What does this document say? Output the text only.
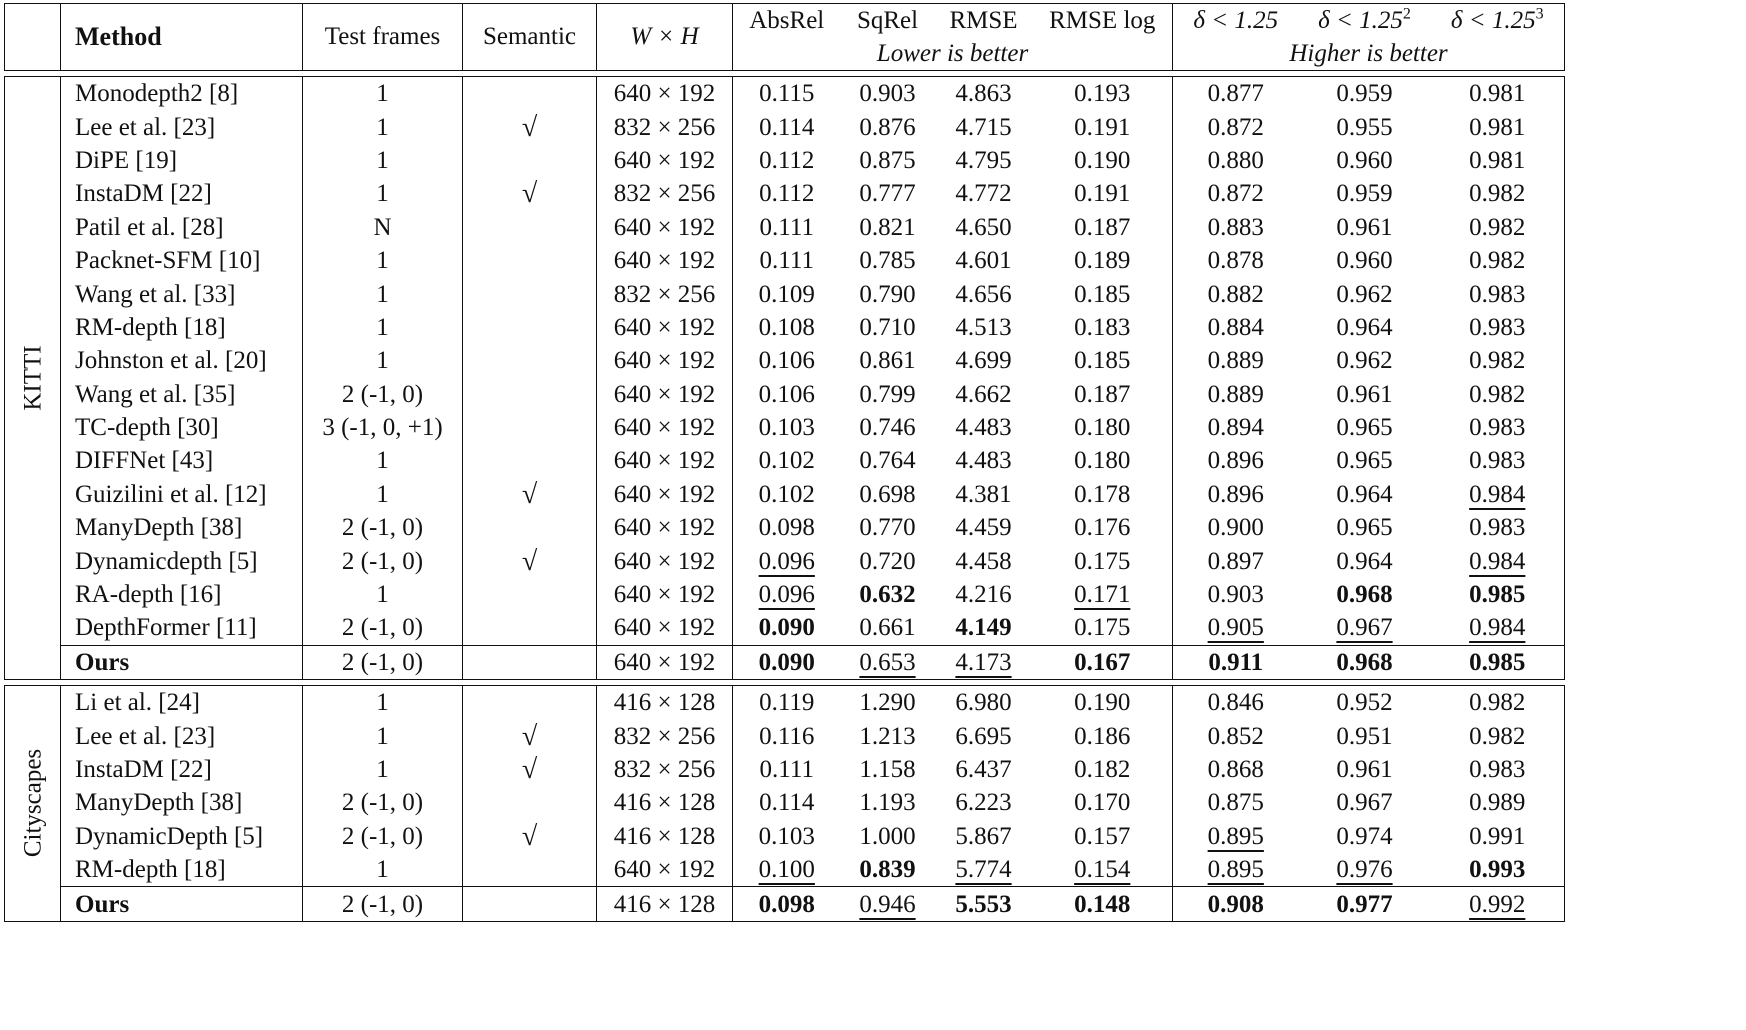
	Method	Test frames	Semantic	W × H	AbsRel	SqRel	RMSE	RMSE log	δ < 1.25	$\delta < 1.25^2$	$\delta < 1.25^3$
					Lower is better				Higher is better		
KITTI	Monodepth2 [8]	1		640 × 192	0.115	0.903	4.863	0.193	0.877	0.959	0.981
	Lee et al. [23]	1	√	832 × 256	0.114	0.876	4.715	0.191	0.872	0.955	0.981
	DiPE [19]	1		640 × 192	0.112	0.875	4.795	0.190	0.880	0.960	0.981
	InstaDM [22]	1	√	832 × 256	0.112	0.777	4.772	0.191	0.872	0.959	0.982
	Patil et al. [28]	N		640 × 192	0.111	0.821	4.650	0.187	0.883	0.961	0.982
	Packnet-SFM [10]	1		640 × 192	0.111	0.785	4.601	0.189	0.878	0.960	0.982
	Wang et al. [33]	1		832 × 256	0.109	0.790	4.656	0.185	0.882	0.962	0.983
	RM-depth [18]	1		640 × 192	0.108	0.710	4.513	0.183	0.884	0.964	0.983
	Johnston et al. [20]	1		640 × 192	0.106	0.861	4.699	0.185	0.889	0.962	0.982
	Wang et al. [35]	2 (-1, 0)		640 × 192	0.106	0.799	4.662	0.187	0.889	0.961	0.982
	TC-depth [30]	3 (-1, 0, +1)		640 × 192	0.103	0.746	4.483	0.180	0.894	0.965	0.983
	DIFFNet [43]	1		640 × 192	0.102	0.764	4.483	0.180	0.896	0.965	0.983
	Guizilini et al. [12]	1	√	640 × 192	0.102	0.698	4.381	0.178	0.896	0.964	0.984
	ManyDepth [38]	2 (-1, 0)		640 × 192	0.098	0.770	4.459	0.176	0.900	0.965	0.983
	Dynamicdepth [5]	2 (-1, 0)	√	640 × 192	0.096	0.720	4.458	0.175	0.897	0.964	0.984
	RA-depth [16]	1		640 × 192	0.096	0.632	4.216	0.171	0.903	0.968	0.985
	DepthFormer [11]	2 (-1, 0)		640 × 192	0.090	0.661	4.149	0.175	0.905	0.967	0.984
	Ours	2 (-1, 0)		640 × 192	0.090	0.653	4.173	0.167	0.911	0.968	0.985
Cityscapes	Li et al. [24]	1		416 × 128	0.119	1.290	6.980	0.190	0.846	0.952	0.982
	Lee et al. [23]	1	√	832 × 256	0.116	1.213	6.695	0.186	0.852	0.951	0.982
	InstaDM [22]	1	√	832 × 256	0.111	1.158	6.437	0.182	0.868	0.961	0.983
	ManyDepth [38]	2 (-1, 0)		416 × 128	0.114	1.193	6.223	0.170	0.875	0.967	0.989
	DynamicDepth [5]	2 (-1, 0)	√	416 × 128	0.103	1.000	5.867	0.157	0.895	0.974	0.991
	RM-depth [18]	1		640 × 192	0.100	0.839	5.774	0.154	0.895	0.976	0.993
	Ours	2 (-1, 0)		416 × 128	0.098	0.946	5.553	0.148	0.908	0.977	0.992
